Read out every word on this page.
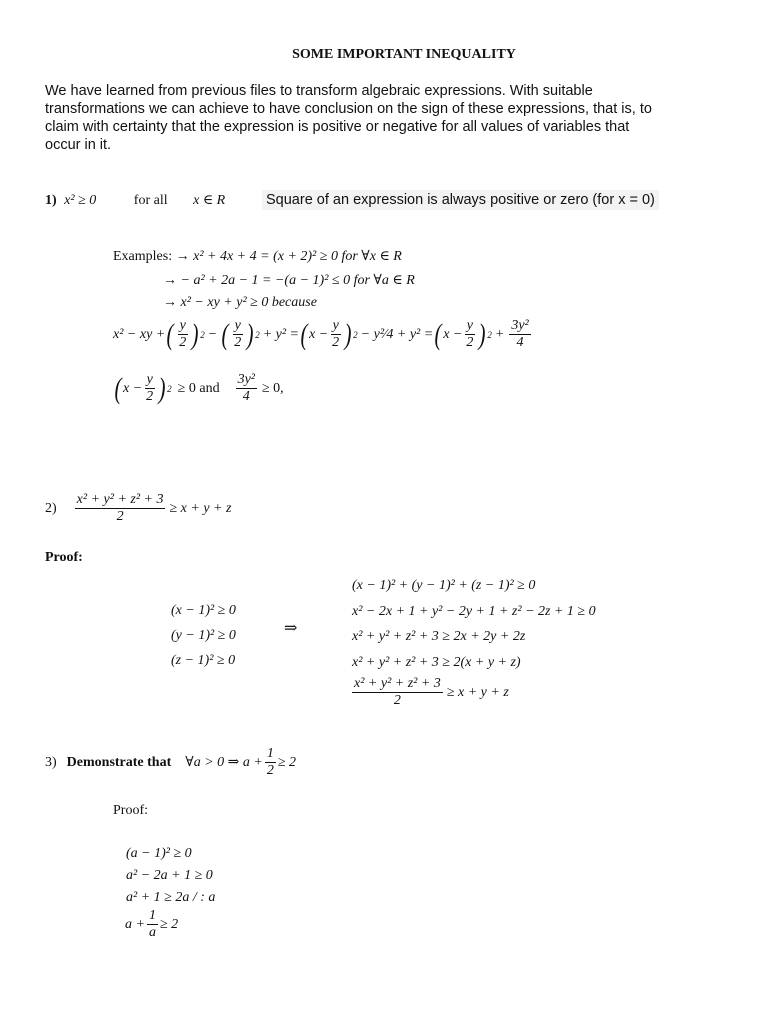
SOME IMPORTANT INEQUALITY
We have learned from previous files to transform algebraic expressions. With suitable transformations we can achieve to have conclusion on the sign of these expressions, that is, to claim with certainty that the expression is positive or negative for all values of variables that occur in it.
1) x² ≥ 0	for all x ∈ R	Square of an expression is always positive or zero (for x = 0)
Examples: → x² + 4x + 4 = (x + 2)² ≥ 0 for ∀x ∈ R
→ − a² + 2a − 1 = −(a − 1)² ≤ 0 for ∀a ∈ R
→ x² − xy + y² ≥ 0 because
x² − xy + ( $\frac{y}{2}$ ) 2 − ( $\frac{y}{2}$ ) 2 + y² = ( $x - \frac{y}{2}$ ) 2 − y²⁄4 + y² = ( $x - \frac{y}{2}$ ) $2 + \frac{\text{3y²}}{4}$
( $x - \frac{y}{2}$ ) 2 ≥ 0 and $\frac{\text{3y²}}{4} \ge 0$,
$2) \frac{\text{x² + y² + z² + 3}}{2} \ge x + y + z$
Proof:
(x − 1)² ≥ 0
(y − 1)² ≥ 0
(z − 1)² ≥ 0
⇒
(x − 1)² + (y − 1)² + (z − 1)² ≥ 0
x² − 2x + 1 + y² − 2y + 1 + z² − 2z + 1 ≥ 0
x² + y² + z² + 3 ≥ 2x + 2y + 2z
x² + y² + z² + 3 ≥ 2(x + y + z)
$\frac{\text{x² + y² + z² + 3}}{2} \ge x + y + z$
3) Demonstrate that ∀a > 0 ⇒ $a + \frac{1}{2} \ge 2$
Proof:
(a − 1)² ≥ 0
a² − 2a + 1 ≥ 0
a² + 1 ≥ 2a / : a
$a + \frac{1}{a} \ge 2$
